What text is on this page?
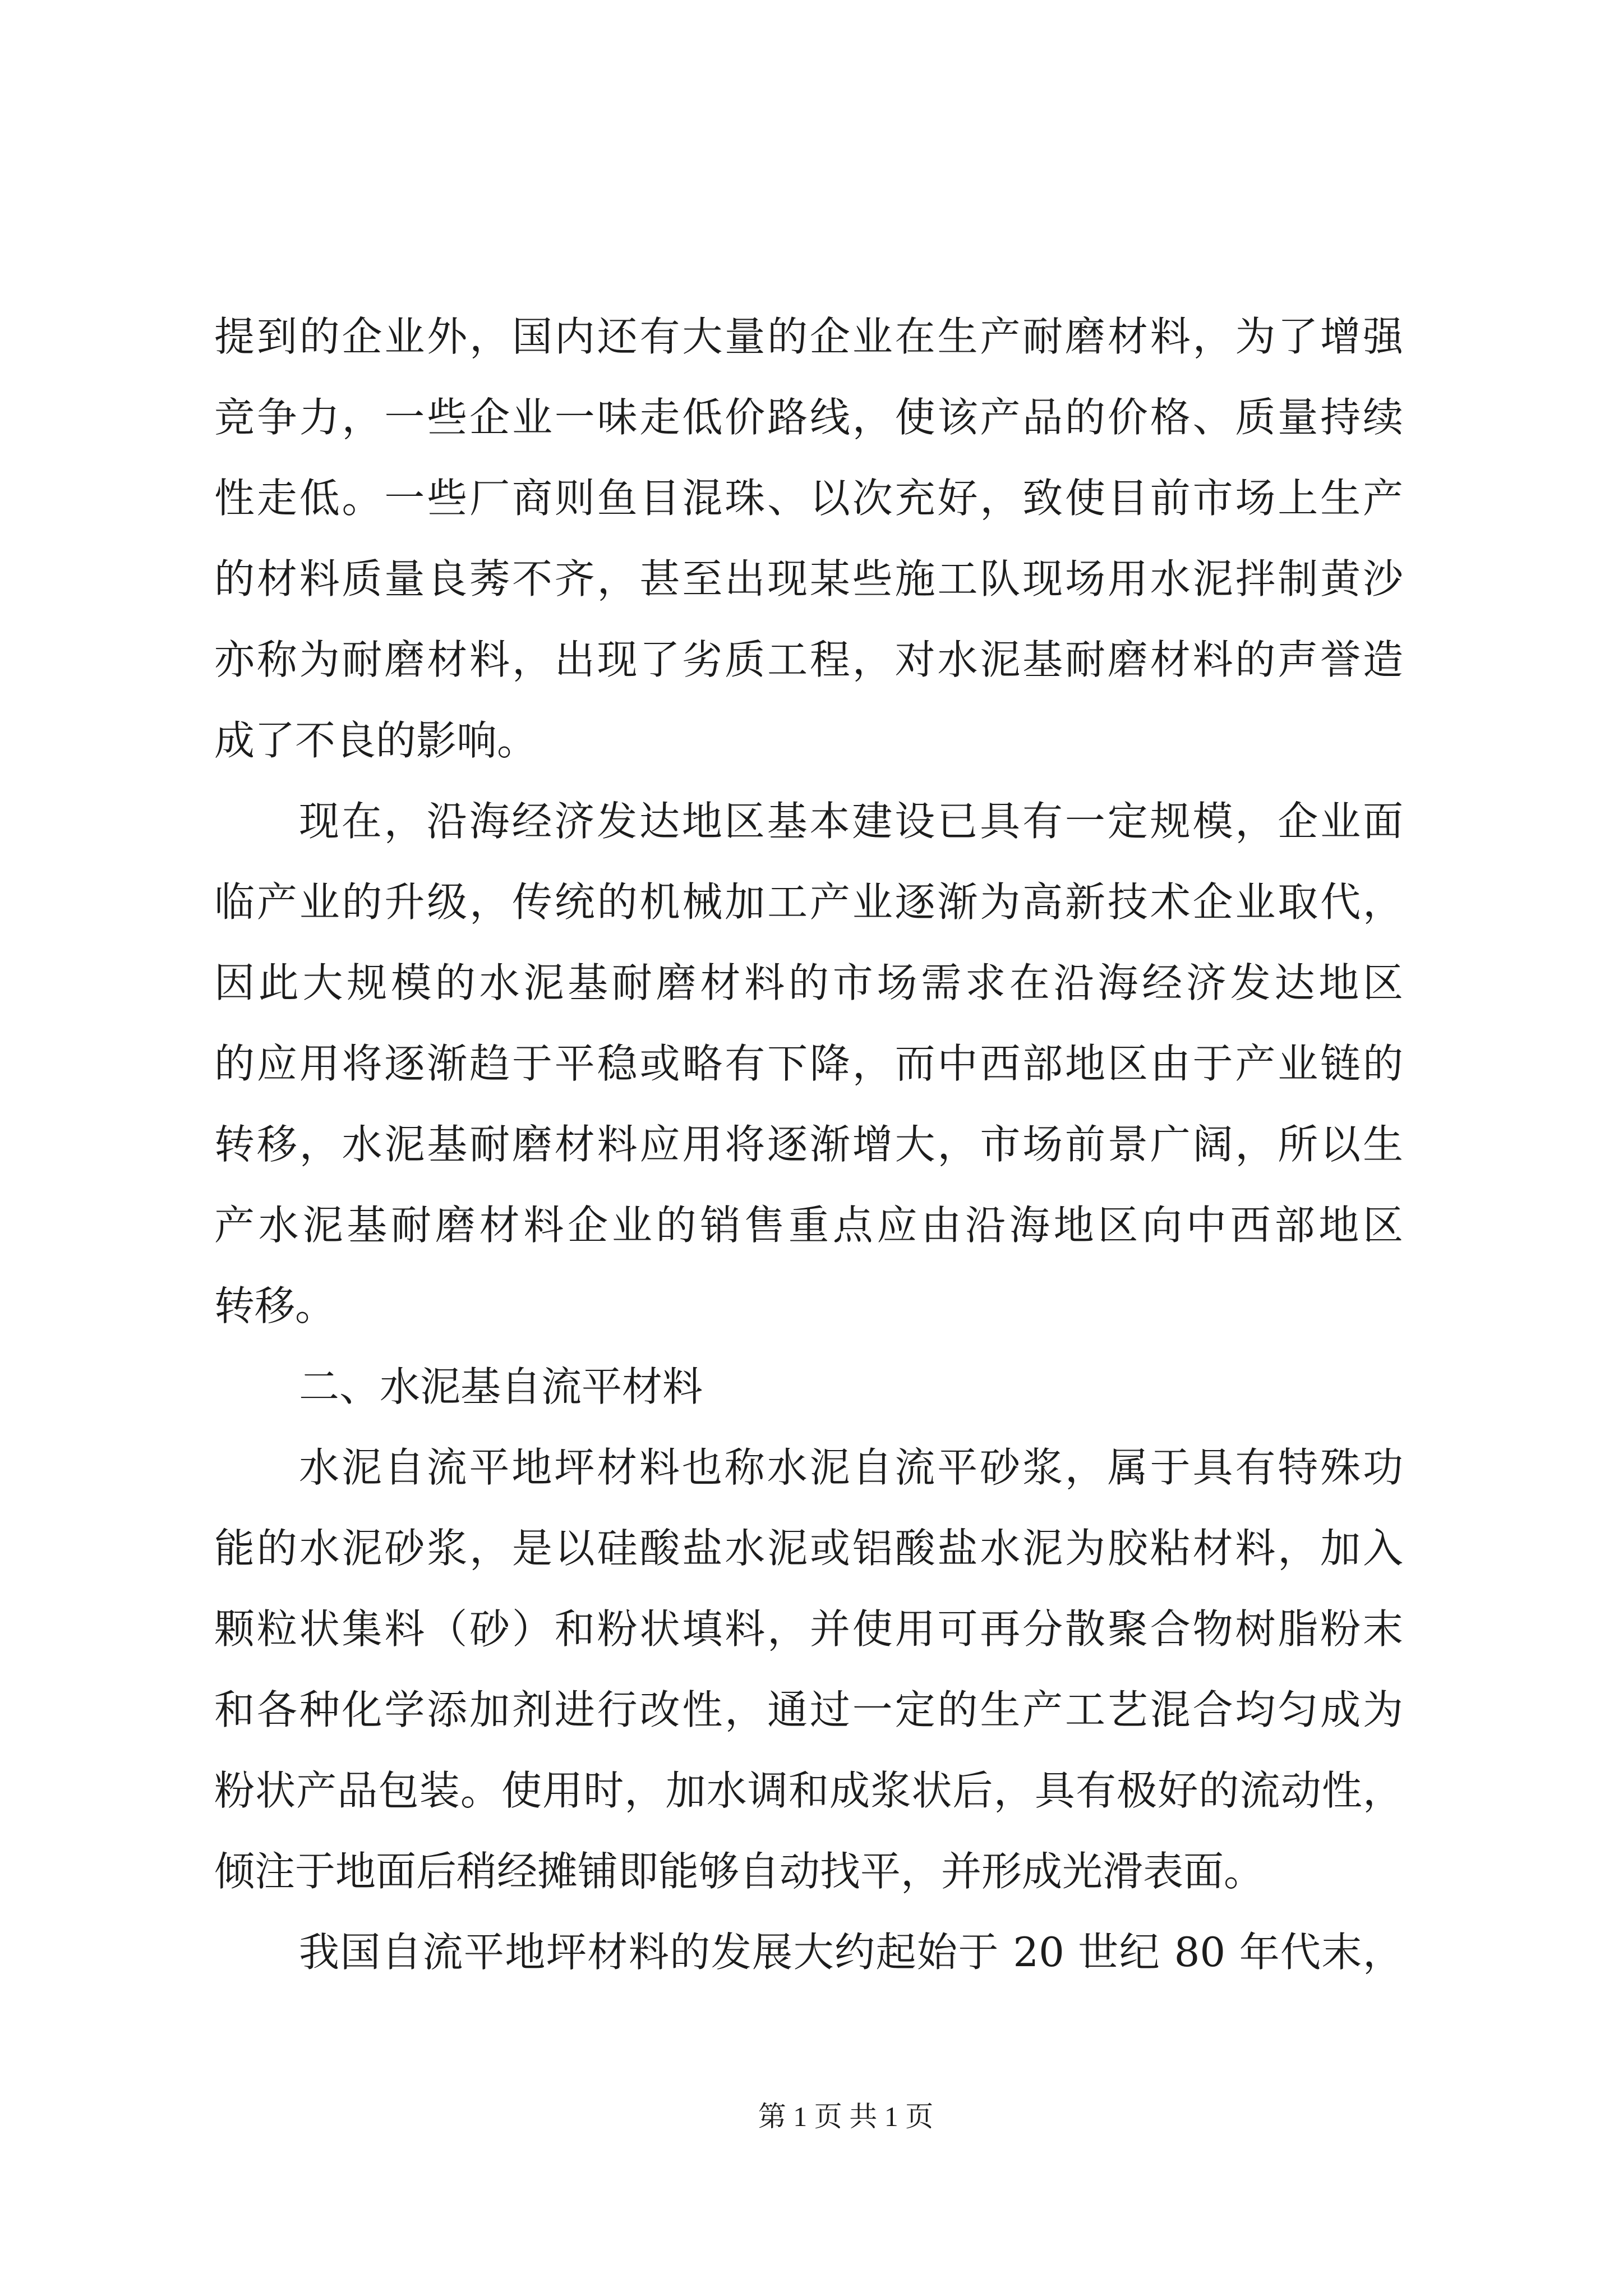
提到的企业外，国内还有大量的企业在生产耐磨材料，为了增强
竞争力，一些企业一味走低价路线，使该产品的价格、质量持续
性走低。一些厂商则鱼目混珠、以次充好，致使目前市场上生产
的材料质量良莠不齐，甚至出现某些施工队现场用水泥拌制黄沙
亦称为耐磨材料，出现了劣质工程，对水泥基耐磨材料的声誉造
成了不良的影响。
现在，沿海经济发达地区基本建设已具有一定规模，企业面
临产业的升级，传统的机械加工产业逐渐为高新技术企业取代，
因此大规模的水泥基耐磨材料的市场需求在沿海经济发达地区
的应用将逐渐趋于平稳或略有下降，而中西部地区由于产业链的
转移，水泥基耐磨材料应用将逐渐增大，市场前景广阔，所以生
产水泥基耐磨材料企业的销售重点应由沿海地区向中西部地区
转移。
二、水泥基自流平材料
水泥自流平地坪材料也称水泥自流平砂浆，属于具有特殊功
能的水泥砂浆，是以硅酸盐水泥或铝酸盐水泥为胶粘材料，加入
颗粒状集料（砂）和粉状填料，并使用可再分散聚合物树脂粉末
和各种化学添加剂进行改性，通过一定的生产工艺混合均匀成为
粉状产品包装。使用时，加水调和成浆状后，具有极好的流动性，
倾注于地面后稍经摊铺即能够自动找平，并形成光滑表面。
我国自流平地坪材料的发展大约起始于 20 世纪 80 年代末，
第 1 页 共 1 页
